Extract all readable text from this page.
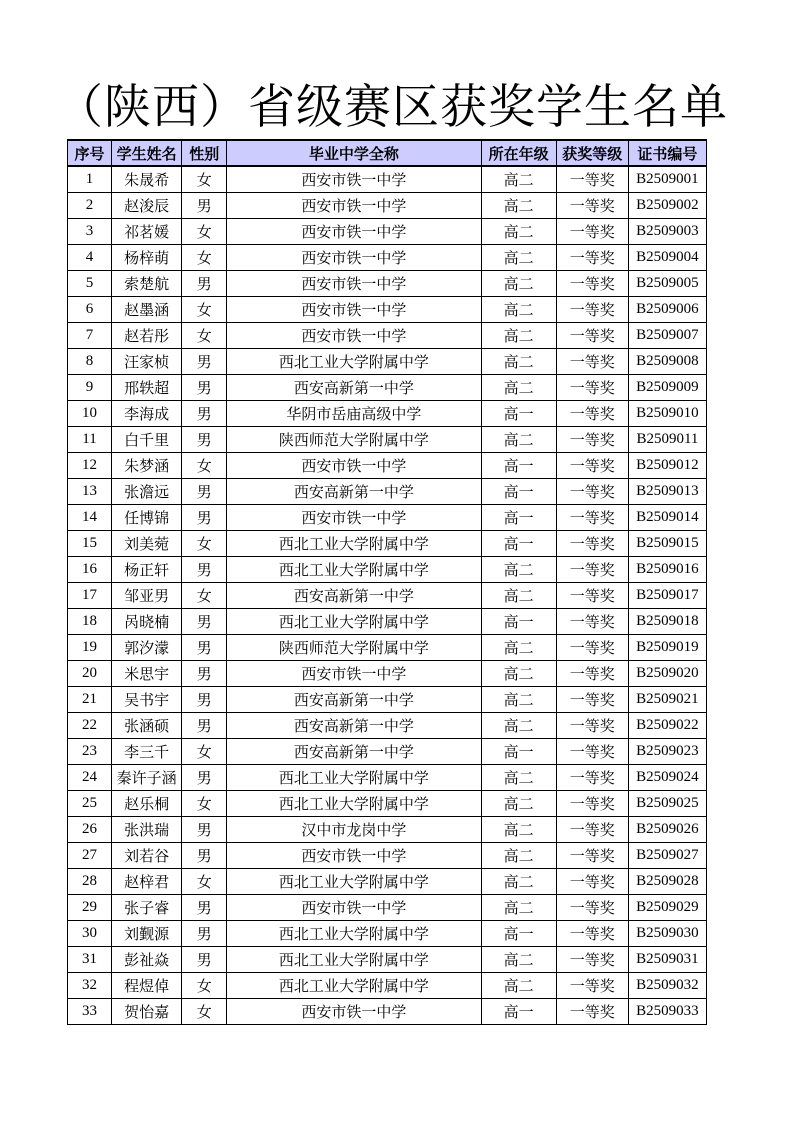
（陕西）省级赛区获奖学生名单
序号	学生姓名	性别	毕业中学全称	所在年级	获奖等级	证书编号
1	朱晟希	女	西安市铁一中学	高二	一等奖	B2509001
2	赵浚辰	男	西安市铁一中学	高二	一等奖	B2509002
3	祁茗媛	女	西安市铁一中学	高二	一等奖	B2509003
4	杨梓萌	女	西安市铁一中学	高二	一等奖	B2509004
5	索楚航	男	西安市铁一中学	高二	一等奖	B2509005
6	赵墨涵	女	西安市铁一中学	高二	一等奖	B2509006
7	赵若彤	女	西安市铁一中学	高二	一等奖	B2509007
8	汪家桢	男	西北工业大学附属中学	高二	一等奖	B2509008
9	邢轶超	男	西安高新第一中学	高二	一等奖	B2509009
10	李海成	男	华阴市岳庙高级中学	高一	一等奖	B2509010
11	白千里	男	陕西师范大学附属中学	高二	一等奖	B2509011
12	朱梦涵	女	西安市铁一中学	高一	一等奖	B2509012
13	张澹远	男	西安高新第一中学	高一	一等奖	B2509013
14	任博锦	男	西安市铁一中学	高一	一等奖	B2509014
15	刘美菀	女	西北工业大学附属中学	高一	一等奖	B2509015
16	杨正轩	男	西北工业大学附属中学	高二	一等奖	B2509016
17	邹亚男	女	西安高新第一中学	高二	一等奖	B2509017
18	呙晓楠	男	西北工业大学附属中学	高一	一等奖	B2509018
19	郭汐濛	男	陕西师范大学附属中学	高二	一等奖	B2509019
20	米思宇	男	西安市铁一中学	高二	一等奖	B2509020
21	吴书宇	男	西安高新第一中学	高二	一等奖	B2509021
22	张涵硕	男	西安高新第一中学	高二	一等奖	B2509022
23	李三千	女	西安高新第一中学	高一	一等奖	B2509023
24	秦许子涵	男	西北工业大学附属中学	高二	一等奖	B2509024
25	赵乐桐	女	西北工业大学附属中学	高二	一等奖	B2509025
26	张洪瑞	男	汉中市龙岗中学	高二	一等奖	B2509026
27	刘若谷	男	西安市铁一中学	高二	一等奖	B2509027
28	赵梓君	女	西北工业大学附属中学	高二	一等奖	B2509028
29	张子睿	男	西安市铁一中学	高二	一等奖	B2509029
30	刘觐源	男	西北工业大学附属中学	高一	一等奖	B2509030
31	彭祉焱	男	西北工业大学附属中学	高二	一等奖	B2509031
32	程煜倬	女	西北工业大学附属中学	高二	一等奖	B2509032
33	贺怡嘉	女	西安市铁一中学	高一	一等奖	B2509033
